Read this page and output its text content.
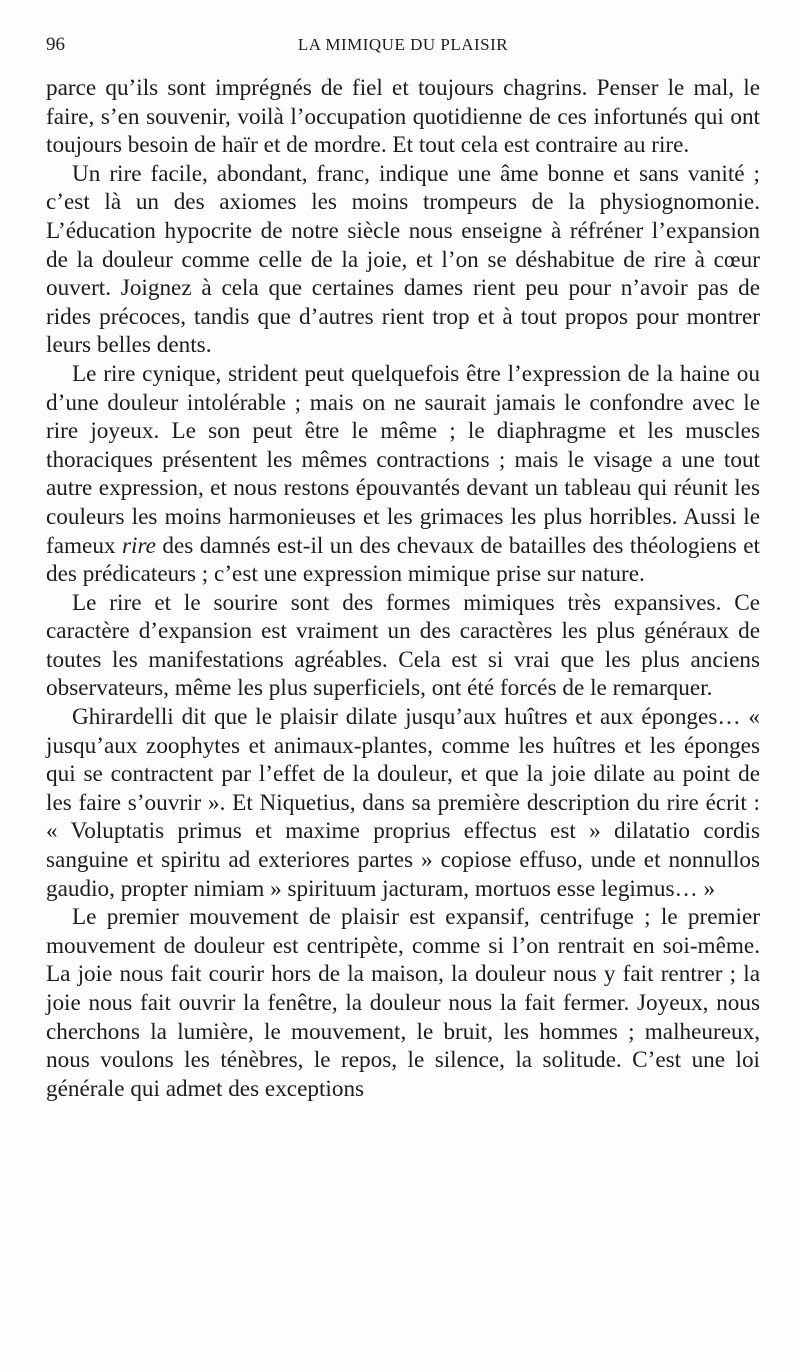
96	LA MIMIQUE DU PLAISIR

parce qu’ils sont imprégnés de fiel et toujours chagrins. Penser le mal, le faire, s’en souvenir, voilà l’occupation quotidienne de ces infortunés qui ont toujours besoin de haïr et de mordre. Et tout cela est contraire au rire.

Un rire facile, abondant, franc, indique une âme bonne et sans vanité ; c’est là un des axiomes les moins trompeurs de la physiognomonie. L’éducation hypocrite de notre siècle nous enseigne à réfréner l’expansion de la douleur comme celle de la joie, et l’on se déshabitue de rire à cœur ouvert. Joignez à cela que certaines dames rient peu pour n’avoir pas de rides précoces, tandis que d’autres rient trop et à tout propos pour montrer leurs belles dents.

Le rire cynique, strident peut quelquefois être l’expression de la haine ou d’une douleur intolérable ; mais on ne saurait jamais le confondre avec le rire joyeux. Le son peut être le même ; le diaphragme et les muscles thoraciques présentent les mêmes contractions ; mais le visage a une tout autre expression, et nous restons épouvantés devant un tableau qui réunit les couleurs les moins harmonieuses et les grimaces les plus horribles. Aussi le fameux rire des damnés est-il un des chevaux de batailles des théologiens et des prédicateurs ; c’est une expression mimique prise sur nature.

Le rire et le sourire sont des formes mimiques très expansives. Ce caractère d’expansion est vraiment un des caractères les plus généraux de toutes les manifestations agréables. Cela est si vrai que les plus anciens observateurs, même les plus superficiels, ont été forcés de le remarquer.

Ghirardelli dit que le plaisir dilate jusqu’aux huîtres et aux éponges… « jusqu’aux zoophytes et animaux-plantes, comme les huîtres et les éponges qui se contractent par l’effet de la douleur, et que la joie dilate au point de les faire s’ouvrir ». Et Niquetius, dans sa première description du rire écrit : « Voluptatis primus et maxime proprius effectus est » dilatatio cordis sanguine et spiritu ad exteriores partes » copiose effuso, unde et nonnullos gaudio, propter nimiam » spirituum jacturam, mortuos esse legimus… »

Le premier mouvement de plaisir est expansif, centrifuge ; le premier mouvement de douleur est centripète, comme si l’on rentrait en soi-même. La joie nous fait courir hors de la maison, la douleur nous y fait rentrer ; la joie nous fait ouvrir la fenêtre, la douleur nous la fait fermer. Joyeux, nous cherchons la lumière, le mouvement, le bruit, les hommes ; malheureux, nous voulons les ténèbres, le repos, le silence, la solitude. C’est une loi générale qui admet des exceptions
